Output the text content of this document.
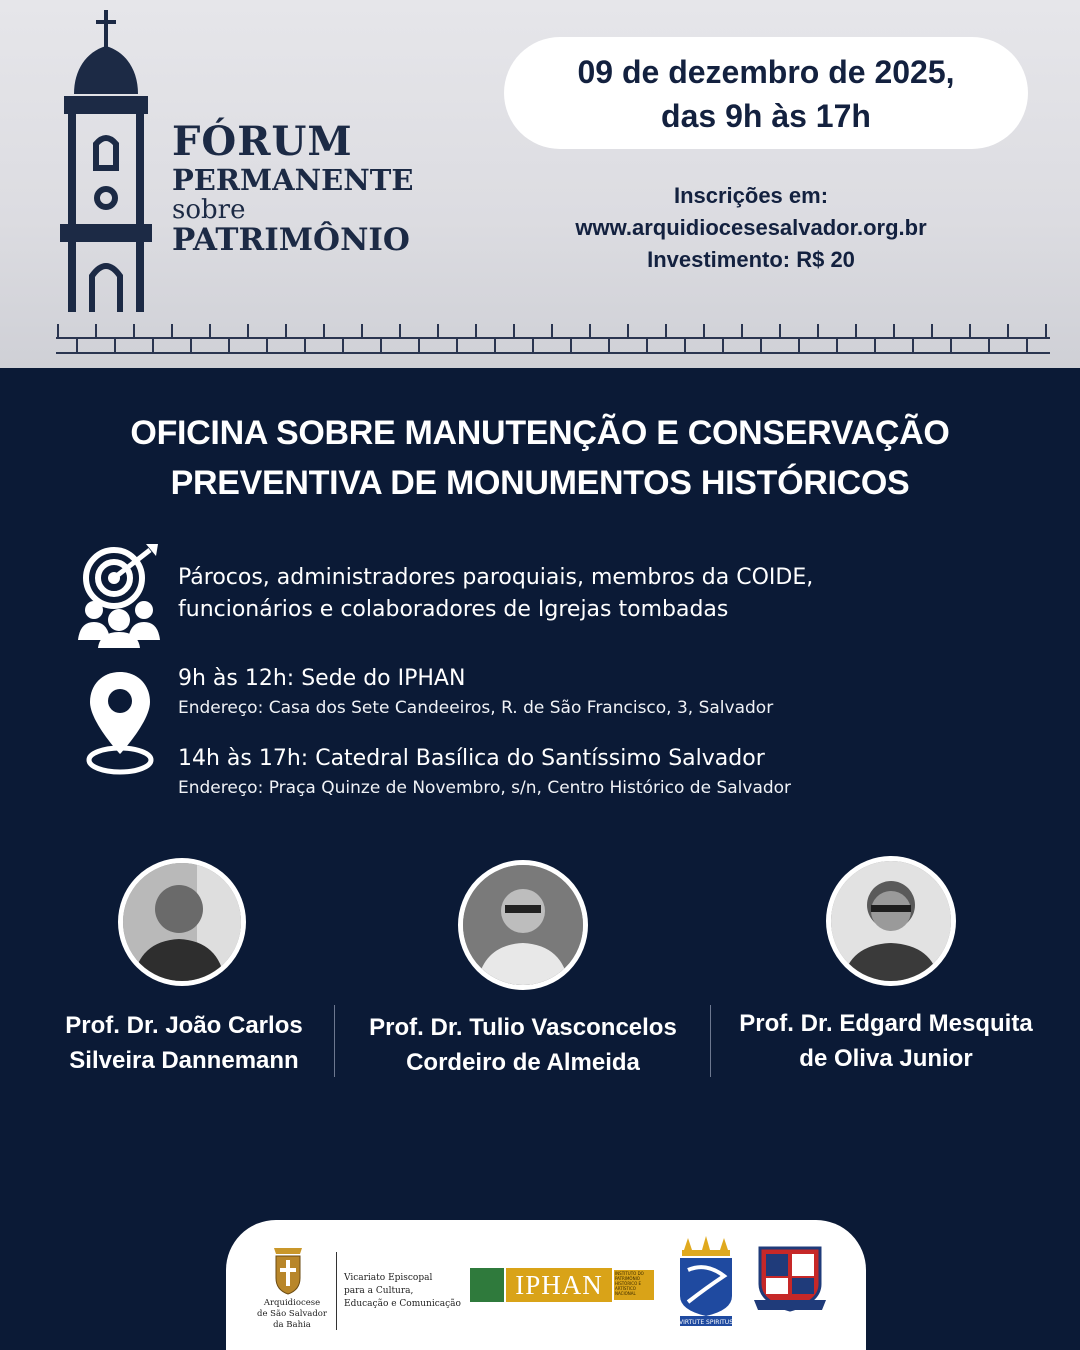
FÓRUM
PERMANENTE
sobre
PATRIMÔNIO
09 de dezembro de 2025,
das 9h às 17h
Inscrições em:
www.arquidiocesesalvador.org.br
Investimento: R$ 20
OFICINA SOBRE MANUTENÇÃO E CONSERVAÇÃO
PREVENTIVA DE MONUMENTOS HISTÓRICOS
Párocos, administradores paroquiais, membros da COIDE,
funcionários e colaboradores de Igrejas tombadas
9h às 12h: Sede do IPHAN
Endereço: Casa dos Sete Candeeiros, R. de São Francisco, 3, Salvador
14h às 17h: Catedral Basílica do Santíssimo Salvador
Endereço: Praça Quinze de Novembro, s/n, Centro Histórico de Salvador
Prof. Dr. João Carlos
Silveira Dannemann
Prof. Dr. Tulio Vasconcelos
Cordeiro de Almeida
Prof. Dr. Edgard Mesquita
de Oliva Junior
Arquidiocese
de São Salvador
da Bahia
Vicariato Episcopal
para a Cultura,
Educação e Comunicação
IPHAN	INSTITUTO DO PATRIMÔNIO HISTÓRICO E ARTÍSTICO NACIONAL
VIRTUTE SPIRITUS
